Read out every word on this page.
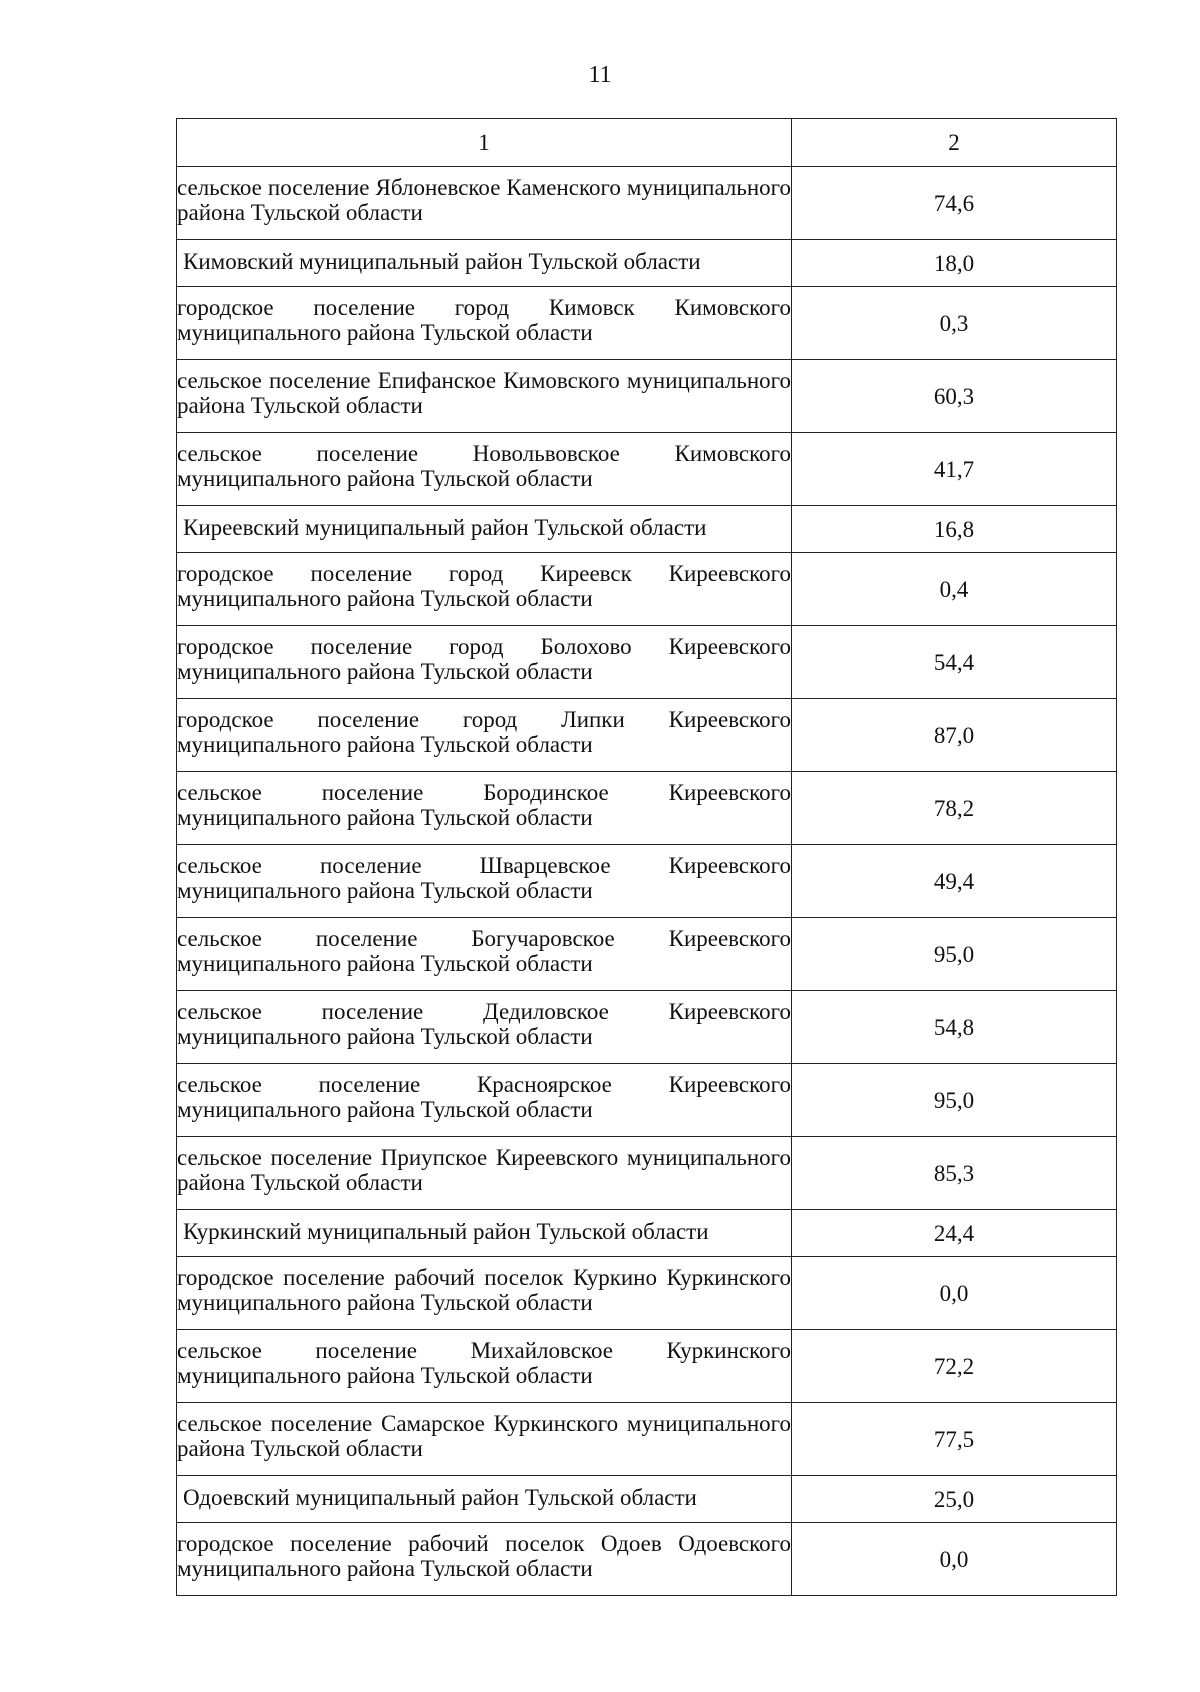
11
1	2
сельское поселение Яблоневское Каменского муниципального района Тульской области	74,6
Кимовский муниципальный район Тульской области	18,0
городское поселение город Кимовск Кимовского муниципального района Тульской области	0,3
сельское поселение Епифанское Кимовского муниципального района Тульской области	60,3
сельское поселение Новольвовское Кимовского муниципального района Тульской области	41,7
Киреевский муниципальный район Тульской области	16,8
городское поселение город Киреевск Киреевского муниципального района Тульской области	0,4
городское поселение город Болохово Киреевского муниципального района Тульской области	54,4
городское поселение город Липки Киреевского муниципального района Тульской области	87,0
сельское поселение Бородинское Киреевского муниципального района Тульской области	78,2
сельское поселение Шварцевское Киреевского муниципального района Тульской области	49,4
сельское поселение Богучаровское Киреевского муниципального района Тульской области	95,0
сельское поселение Дедиловское Киреевского муниципального района Тульской области	54,8
сельское поселение Красноярское Киреевского муниципального района Тульской области	95,0
сельское поселение Приупское Киреевского муниципального района Тульской области	85,3
Куркинский муниципальный район Тульской области	24,4
городское поселение рабочий поселок Куркино Куркинского муниципального района Тульской области	0,0
сельское поселение Михайловское Куркинского муниципального района Тульской области	72,2
сельское поселение Самарское Куркинского муниципального района Тульской области	77,5
Одоевский муниципальный район Тульской области	25,0
городское поселение рабочий поселок Одоев Одоевского муниципального района Тульской области	0,0
